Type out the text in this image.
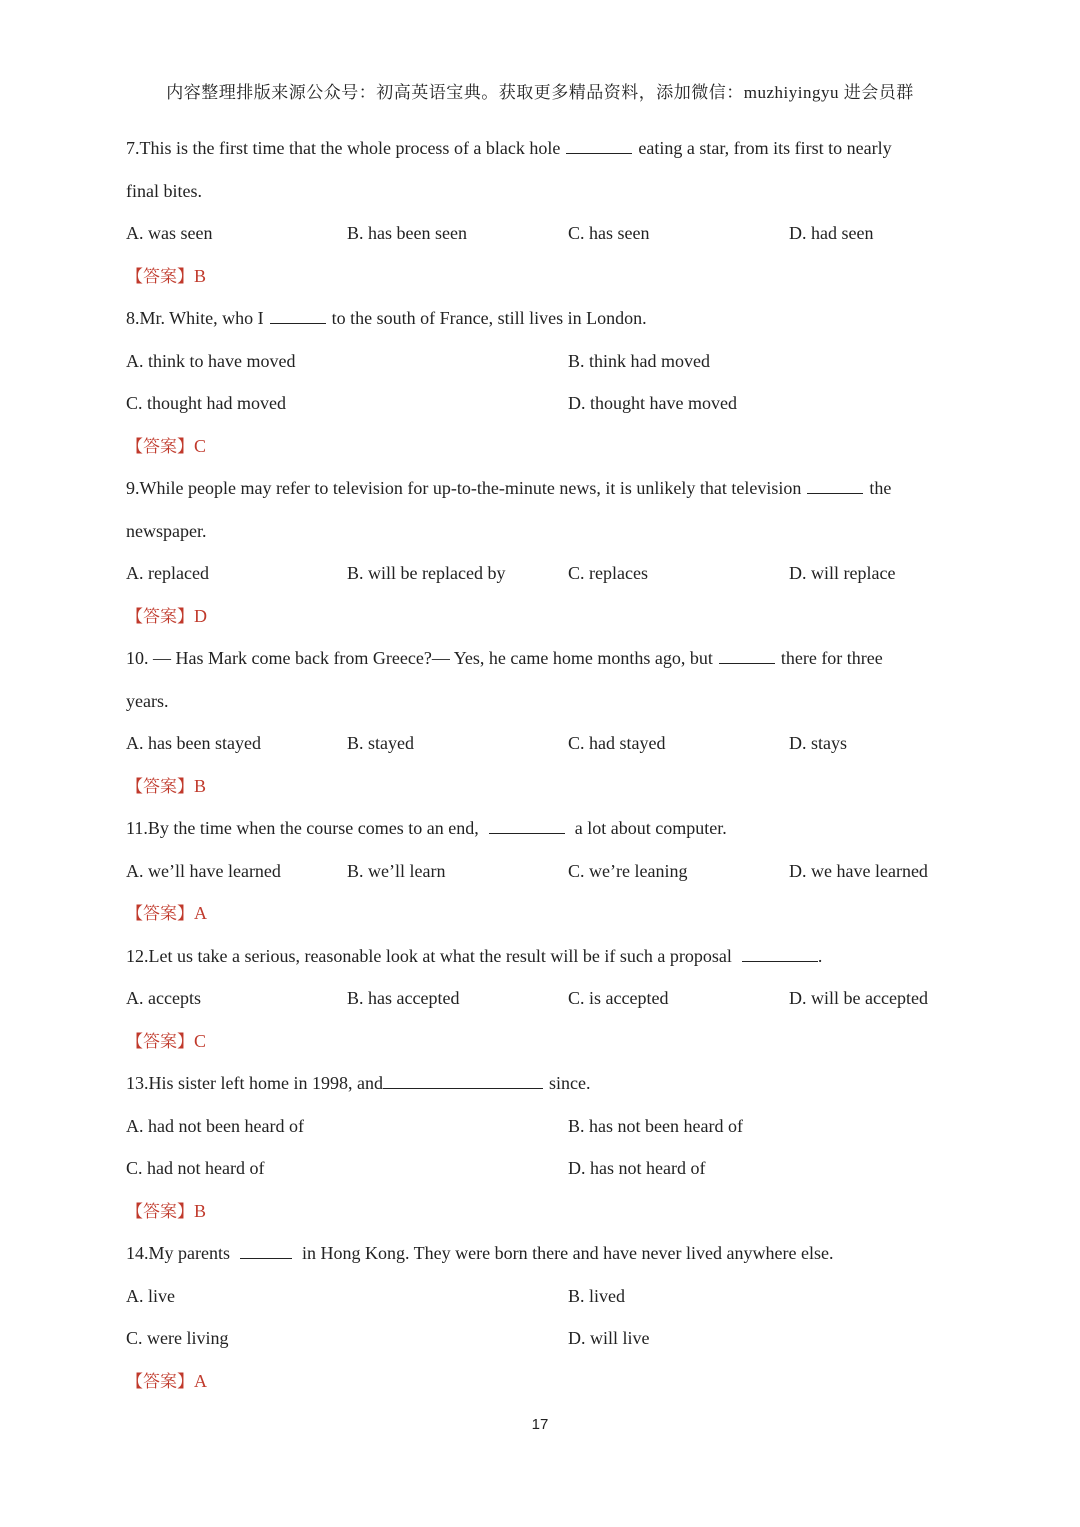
内容整理排版来源公众号：初高英语宝典。获取更多精品资料，添加微信：muzhiyingyu 进会员群
7.This is the first time that the whole process of a black hole	eating a star, from its first to nearly
final bites.
A. was seen	B. has been seen	C. has seen	D. had seen
【答案】B
8.Mr. White, who I	to the south of France, still lives in London.
A. think to have moved	B. think had moved
C. thought had moved	D. thought have moved
【答案】C
9.While people may refer to television for up-to-the-minute news, it is unlikely that television	the
newspaper.
A. replaced	B. will be replaced by	C. replaces	D. will replace
【答案】D
10. — Has Mark come back from Greece?— Yes, he came home months ago, but	there for three
years.
A. has been stayed	B. stayed	C. had stayed	D. stays
【答案】B
11.By the time when the course comes to an end,	a lot about computer.
A. we’ll have learned	B. we’ll learn	C. we’re leaning	D. we have learned
【答案】A
12.Let us take a serious, reasonable look at what the result will be if such a proposal	.
A. accepts	B. has accepted	C. is accepted	D. will be accepted
【答案】C
13.His sister left home in 1998, and	since.
A. had not been heard of	B. has not been heard of
C. had not heard of	D. has not heard of
【答案】B
14.My parents	in Hong Kong. They were born there and have never lived anywhere else.
A. live	B. lived
C. were living	D. will live
【答案】A
17
